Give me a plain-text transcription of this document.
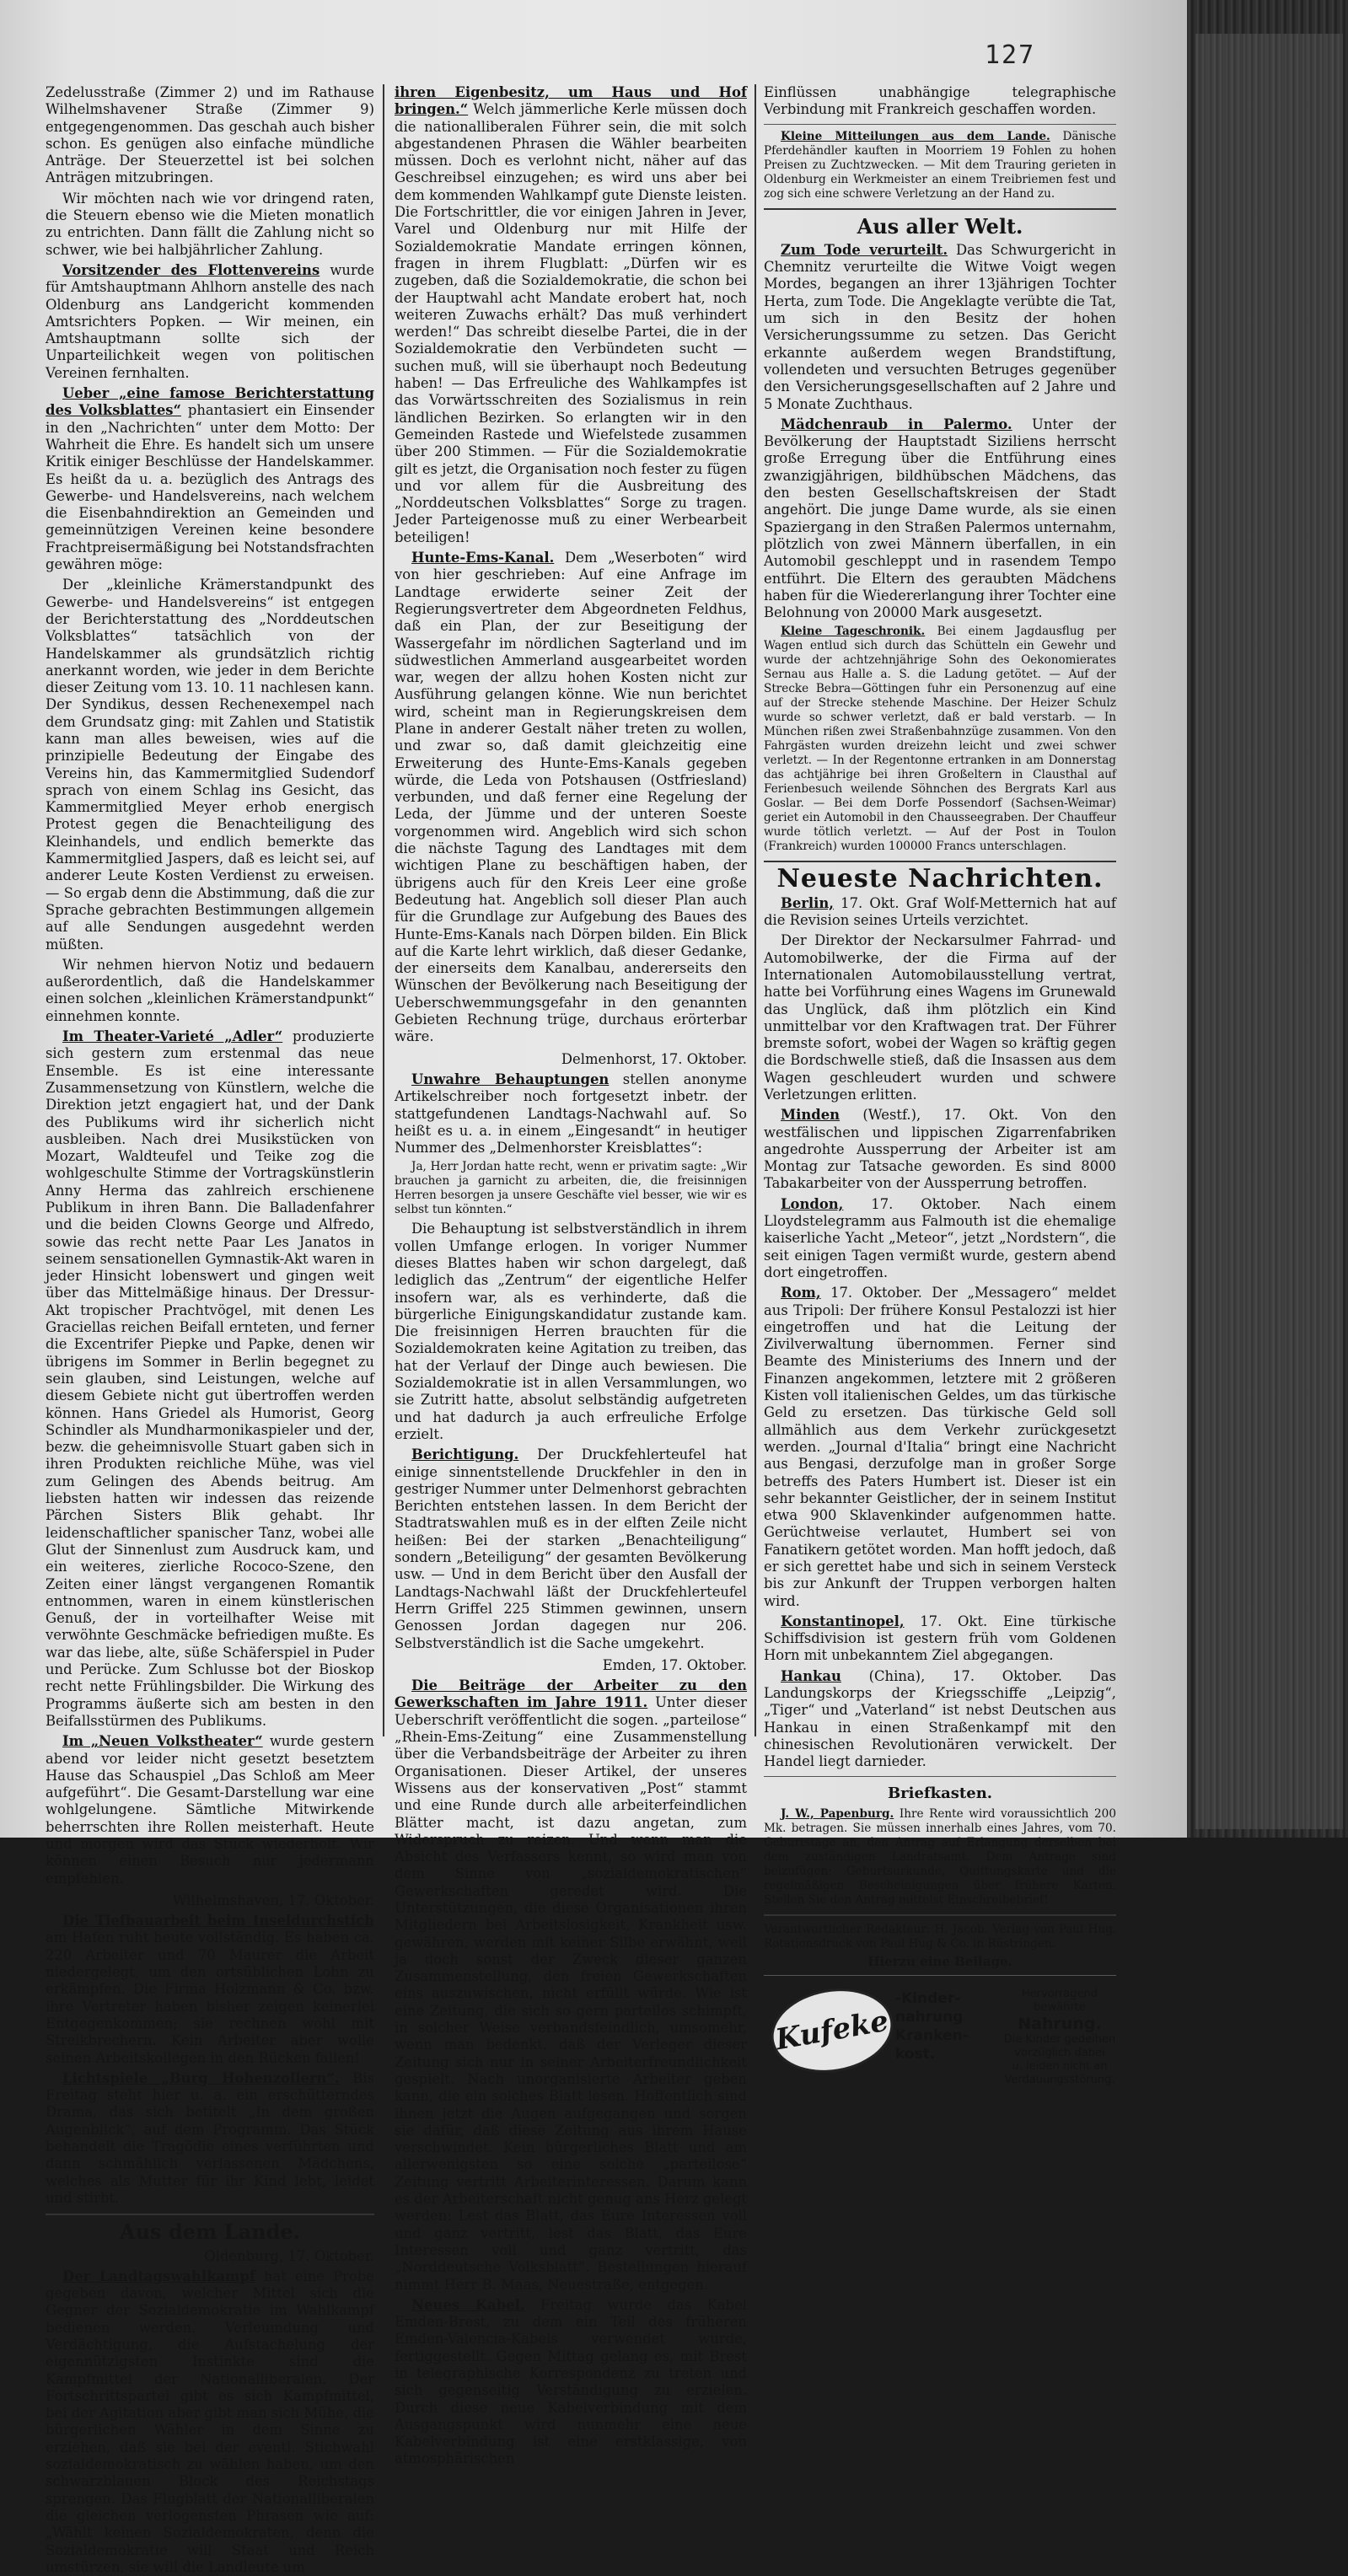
127

Zedelusstraße (Zimmer 2) und im Rathause Wilhelmshavener Straße (Zimmer 9) entgegengenommen. Das geschah auch bisher schon. Es genügen also einfache mündliche Anträge. Der Steuerzettel ist bei solchen Anträgen mitzubringen.

Wir möchten nach wie vor dringend raten, die Steuern ebenso wie die Mieten monatlich zu entrichten. Dann fällt die Zahlung nicht so schwer, wie bei halbjährlicher Zahlung.

Vorsitzender des Flottenvereins wurde für Amtshauptmann Ahlhorn anstelle des nach Oldenburg ans Landgericht kommenden Amtsrichters Popken. — Wir meinen, ein Amtshauptmann sollte sich der Unparteilichkeit wegen von politischen Vereinen fernhalten.

Ueber „eine famose Berichterstattung des Volksblattes“ phantasiert ein Einsender in den „Nachrichten“ unter dem Motto: Der Wahrheit die Ehre. Es handelt sich um unsere Kritik einiger Beschlüsse der Handelskammer. Es heißt da u. a. bezüglich des Antrags des Gewerbe- und Handelsvereins, nach welchem die Eisenbahndirektion an Gemeinden und gemeinnützigen Vereinen keine besondere Frachtpreisermäßigung bei Notstandsfrachten gewähren möge:

Der „kleinliche Krämerstandpunkt des Gewerbe- und Handelsvereins“ ist entgegen der Berichterstattung des „Norddeutschen Volksblattes“ tatsächlich von der Handelskammer als grundsätzlich richtig anerkannt worden, wie jeder in dem Berichte dieser Zeitung vom 13. 10. 11 nachlesen kann. Der Syndikus, dessen Rechenexempel nach dem Grundsatz ging: mit Zahlen und Statistik kann man alles beweisen, wies auf die prinzipielle Bedeutung der Eingabe des Vereins hin, das Kammermitglied Sudendorf sprach von einem Schlag ins Gesicht, das Kammermitglied Meyer erhob energisch Protest gegen die Benachteiligung des Kleinhandels, und endlich bemerkte das Kammermitglied Jaspers, daß es leicht sei, auf anderer Leute Kosten Verdienst zu erweisen. — So ergab denn die Abstimmung, daß die zur Sprache gebrachten Bestimmungen allgemein auf alle Sendungen ausgedehnt werden müßten.

Wir nehmen hiervon Notiz und bedauern außerordentlich, daß die Handelskammer einen solchen „kleinlichen Krämerstandpunkt“ einnehmen konnte.

Im Theater-Varieté „Adler“ produzierte sich gestern zum erstenmal das neue Ensemble. Es ist eine interessante Zusammensetzung von Künstlern, welche die Direktion jetzt engagiert hat, und der Dank des Publikums wird ihr sicherlich nicht ausbleiben. Nach drei Musikstücken von Mozart, Waldteufel und Teike zog die wohlgeschulte Stimme der Vortragskünstlerin Anny Herma das zahlreich erschienene Publikum in ihren Bann. Die Balladenfahrer und die beiden Clowns George und Alfredo, sowie das recht nette Paar Les Janatos in seinem sensationellen Gymnastik-Akt waren in jeder Hinsicht lobenswert und gingen weit über das Mittelmäßige hinaus. Der Dressur-Akt tropischer Prachtvögel, mit denen Les Graciellas reichen Beifall ernteten, und ferner die Excentrifer Piepke und Papke, denen wir übrigens im Sommer in Berlin begegnet zu sein glauben, sind Leistungen, welche auf diesem Gebiete nicht gut übertroffen werden können. Hans Griedel als Humorist, Georg Schindler als Mundharmonikaspieler und der, bezw. die geheimnisvolle Stuart gaben sich in ihren Produkten reichliche Mühe, was viel zum Gelingen des Abends beitrug. Am liebsten hatten wir indessen das reizende Pärchen Sisters Blik gehabt. Ihr leidenschaftlicher spanischer Tanz, wobei alle Glut der Sinnenlust zum Ausdruck kam, und ein weiteres, zierliche Rococo-Szene, den Zeiten einer längst vergangenen Romantik entnommen, waren in einem künstlerischen Genuß, der in vorteilhafter Weise mit verwöhnte Geschmäcke befriedigen mußte. Es war das liebe, alte, süße Schäferspiel in Puder und Perücke. Zum Schlusse bot der Bioskop recht nette Frühlingsbilder. Die Wirkung des Programms äußerte sich am besten in den Beifallsstürmen des Publikums.

Im „Neuen Volkstheater“ wurde gestern abend vor leider nicht gesetzt besetztem Hause das Schauspiel „Das Schloß am Meer aufgeführt“. Die Gesamt-Darstellung war eine wohlgelungene. Sämtliche Mitwirkende beherrschten ihre Rollen meisterhaft. Heute und morgen wird das Stück wiederholt. Wir können einen Besuch nur jedermann empfehlen.

Wilhelmshaven, 17. Oktober.

Die Tiefbauarbeit beim Inseldurchstich am Hafen ruht heute vollständig. Es haben ca. 220 Arbeiter und 70 Maurer die Arbeit niedergelegt, um den ortsüblichen Lohn zu erkämpfen. Die Firma Holzmann & Co. bzw. ihre Vertreter haben bisher zeigen keinerlei Entgegenkommen; sie rechnen wohl mit Streikbrechern. Kein Arbeiter aber wolle seinen Arbeitskollegen in den Rücken fallen!

Lichtspiele „Burg Hohenzollern“. Bis Freitag steht hier u. a. ein erschütterndes Drama, das sich betitelt „In dem großen Augenblick“, auf dem Programm. Das Stück behandelt die Tragödie eines verführten und dann schmählich verlassenen Mädchens, welches als Mutter für ihr Kind lebt, leidet und stirbt.

Aus dem Lande.
Oldenburg, 17. Oktober.

Der Landtagswahlkampf hat eine Probe gegeben davon, welcher Mittel sich die Gegner der Sozialdemokratie im Wahlkampf bedienen werden. Verleumdung und Verdächtigung, die Aufstachelung der eigennützigsten Instinkte sind die Kampfmittel der Nationalliberalen. Der Fortschrittspartei gibt es sich Kampfmittel, bei der Agitation aber gibt man sich Mühe, die bürgerlichen Wähler in dem Sinne zu erziehen, daß sie bei der eventl. Stichwahl sozialdemokratisch zu wählen haben, um den schwarzblauen Block des Reichstags sprengen. Das Flugblatt der Nationalliberalen die gleichen verlogensten Phrasen wie auf: „Wählt keinen Sozialdemokraten, denn die Sozialdemokratie will Staat und Reich umstürzen, sie will die Landleute um

ihren Eigenbesitz, um Haus und Hof bringen.“ Welch jämmerliche Kerle müssen doch die nationalliberalen Führer sein, die mit solch abgestandenen Phrasen die Wähler bearbeiten müssen. Doch es verlohnt nicht, näher auf das Geschreibsel einzugehen; es wird uns aber bei dem kommenden Wahlkampf gute Dienste leisten. Die Fortschrittler, die vor einigen Jahren in Jever, Varel und Oldenburg nur mit Hilfe der Sozialdemokratie Mandate erringen können, fragen in ihrem Flugblatt: „Dürfen wir es zugeben, daß die Sozialdemokratie, die schon bei der Hauptwahl acht Mandate erobert hat, noch weiteren Zuwachs erhält? Das muß verhindert werden!“ Das schreibt dieselbe Partei, die in der Sozialdemokratie den Verbündeten sucht — suchen muß, will sie überhaupt noch Bedeutung haben! — Das Erfreuliche des Wahlkampfes ist das Vorwärtsschreiten des Sozialismus in rein ländlichen Bezirken. So erlangten wir in den Gemeinden Rastede und Wiefelstede zusammen über 200 Stimmen. — Für die Sozialdemokratie gilt es jetzt, die Organisation noch fester zu fügen und vor allem für die Ausbreitung des „Norddeutschen Volksblattes“ Sorge zu tragen. Jeder Parteigenosse muß zu einer Werbearbeit beteiligen!

Hunte-Ems-Kanal. Dem „Weserboten“ wird von hier geschrieben: Auf eine Anfrage im Landtage erwiderte seiner Zeit der Regierungsvertreter dem Abgeordneten Feldhus, daß ein Plan, der zur Beseitigung der Wassergefahr im nördlichen Sagterland und im südwestlichen Ammerland ausgearbeitet worden war, wegen der allzu hohen Kosten nicht zur Ausführung gelangen könne. Wie nun berichtet wird, scheint man in Regierungskreisen dem Plane in anderer Gestalt näher treten zu wollen, und zwar so, daß damit gleichzeitig eine Erweiterung des Hunte-Ems-Kanals gegeben würde, die Leda von Potshausen (Ostfriesland) verbunden, und daß ferner eine Regelung der Leda, der Jümme und der unteren Soeste vorgenommen wird. Angeblich wird sich schon die nächste Tagung des Landtages mit dem wichtigen Plane zu beschäftigen haben, der übrigens auch für den Kreis Leer eine große Bedeutung hat. Angeblich soll dieser Plan auch für die Grundlage zur Aufgebung des Baues des Hunte-Ems-Kanals nach Dörpen bilden. Ein Blick auf die Karte lehrt wirklich, daß dieser Gedanke, der einerseits dem Kanalbau, andererseits den Wünschen der Bevölkerung nach Beseitigung der Ueberschwemmungsgefahr in den genannten Gebieten Rechnung trüge, durchaus erörterbar wäre.

Delmenhorst, 17. Oktober.

Unwahre Behauptungen stellen anonyme Artikelschreiber noch fortgesetzt inbetr. der stattgefundenen Landtags-Nachwahl auf. So heißt es u. a. in einem „Eingesandt“ in heutiger Nummer des „Delmenhorster Kreisblattes“:

Ja, Herr Jordan hatte recht, wenn er privatim sagte: „Wir brauchen ja garnicht zu arbeiten, die, die freisinnigen Herren besorgen ja unsere Geschäfte viel besser, wie wir es selbst tun könnten.“

Die Behauptung ist selbstverständlich in ihrem vollen Umfange erlogen. In voriger Nummer dieses Blattes haben wir schon dargelegt, daß lediglich das „Zentrum“ der eigentliche Helfer insofern war, als es verhinderte, daß die bürgerliche Einigungskandidatur zustande kam. Die freisinnigen Herren brauchten für die Sozialdemokraten keine Agitation zu treiben, das hat der Verlauf der Dinge auch bewiesen. Die Sozialdemokratie ist in allen Versammlungen, wo sie Zutritt hatte, absolut selbständig aufgetreten und hat dadurch ja auch erfreuliche Erfolge erzielt.

Berichtigung. Der Druckfehlerteufel hat einige sinnentstellende Druckfehler in den in gestriger Nummer unter Delmenhorst gebrachten Berichten entstehen lassen. In dem Bericht der Stadtratswahlen muß es in der elften Zeile nicht heißen: Bei der starken „Benachteiligung“ sondern „Beteiligung“ der gesamten Bevölkerung usw. — Und in dem Bericht über den Ausfall der Landtags-Nachwahl läßt der Druckfehlerteufel Herrn Griffel 225 Stimmen gewinnen, unsern Genossen Jordan dagegen nur 206. Selbstverständlich ist die Sache umgekehrt.

Emden, 17. Oktober.

Die Beiträge der Arbeiter zu den Gewerkschaften im Jahre 1911. Unter dieser Ueberschrift veröffentlicht die sogen. „parteilose“ „Rhein-Ems-Zeitung“ eine Zusammenstellung über die Verbandsbeiträge der Arbeiter zu ihren Organisationen. Dieser Artikel, der unseres Wissens aus der konservativen „Post“ stammt und eine Runde durch alle arbeiterfeindlichen Blätter macht, ist dazu angetan, zum Widerspruch zu reizen. Und wenn man die Absicht des Verfassers kennt, so wird man von dem Sinne von „sozialdemokratischen“ Gewerkschaften geredet wird. Die Unterstützungen, die diese Organisationen ihren Mitgliedern bei Arbeitslosigkeit, Krankheit usw. gewähren, werden mit keiner Silbe erwähnt, weil ja doch sonst der Zweck dieser ganzen Zusammenstellung, den freien Gewerkschaften eins auszuwischen, nicht erfüllt würde. Wie ist eine Zeitung, die sich so gern parteilos schimpft, in solcher Weise verbandsfeindlich, umsomehr, wenn man bedenkt, daß der Verleger dieser Zeitung sich nur in seiner Arbeiterfreundlichkeit gespielt. Nach unorganisierte Arbeiter geben kann, die ein solches Blatt lesen. Hoffentlich sind ihnen jetzt die Augen aufgegangen und sorgen sie dafür, daß diese Zeitung aus ihrem Hause verschwindet. Kein bürgerliches Blatt und am allerwenigsten so eine solche „parteilose“ Zeitung vertritt Arbeiterinteressen. Darum kann es der Arbeiterschaft nicht genug ans Herz gelegt werden: Lest das Blatt, das Eure Interessen voll und ganz vertritt, lest das Blatt, das Eure Interessen voll und ganz vertritt, das „Norddeutsche Volksblatt“. Bestellungen hierauf nimmt Herr B. Maas, Neuestraße, entgegen.

Neues Kabel. Freitag wurde das Kabel Emden-Brest, zu dem ein Teil des früheren Emden-Valencia-Kabels verwendet wurde, fertiggestellt. Gegen Mittag gelang es, mit Brest in telegraphische Korrespondenz zu treten und sich gegenseitig Verständigung zu erzielen. Durch diese neue Kabelverbindung mit dem Ausgangspunkt wird nunmehr eine neue Kabelverbindung ist eine erstklassige, von atmosphärischen

Einflüssen unabhängige telegraphische Verbindung mit Frankreich geschaffen worden.

Kleine Mitteilungen aus dem Lande. Dänische Pferdehändler kauften in Moorriem 19 Fohlen zu hohen Preisen zu Zuchtzwecken. — Mit dem Trauring gerieten in Oldenburg ein Werkmeister an einem Treibriemen fest und zog sich eine schwere Verletzung an der Hand zu.

Aus aller Welt.

Zum Tode verurteilt. Das Schwurgericht in Chemnitz verurteilte die Witwe Voigt wegen Mordes, begangen an ihrer 13jährigen Tochter Herta, zum Tode. Die Angeklagte verübte die Tat, um sich in den Besitz der hohen Versicherungssumme zu setzen. Das Gericht erkannte außerdem wegen Brandstiftung, vollendeten und versuchten Betruges gegenüber den Versicherungsgesellschaften auf 2 Jahre und 5 Monate Zuchthaus.

Mädchenraub in Palermo. Unter der Bevölkerung der Hauptstadt Siziliens herrscht große Erregung über die Entführung eines zwanzigjährigen, bildhübschen Mädchens, das den besten Gesellschaftskreisen der Stadt angehört. Die junge Dame wurde, als sie einen Spaziergang in den Straßen Palermos unternahm, plötzlich von zwei Männern überfallen, in ein Automobil geschleppt und in rasendem Tempo entführt. Die Eltern des geraubten Mädchens haben für die Wiedererlangung ihrer Tochter eine Belohnung von 20000 Mark ausgesetzt.

Kleine Tageschronik. Bei einem Jagdausflug per Wagen entlud sich durch das Schütteln ein Gewehr und wurde der achtzehnjährige Sohn des Oekonomierates Sernau aus Halle a. S. die Ladung getötet. — Auf der Strecke Bebra—Göttingen fuhr ein Personenzug auf eine auf der Strecke stehende Maschine. Der Heizer Schulz wurde so schwer verletzt, daß er bald verstarb. — In München rißen zwei Straßenbahnzüge zusammen. Von den Fahrgästen wurden dreizehn leicht und zwei schwer verletzt. — In der Regentonne ertranken in am Donnerstag das achtjährige bei ihren Großeltern in Clausthal auf Ferienbesuch weilende Söhnchen des Bergrats Karl aus Goslar. — Bei dem Dorfe Possendorf (Sachsen-Weimar) geriet ein Automobil in den Chausseegraben. Der Chauffeur wurde tötlich verletzt. — Auf der Post in Toulon (Frankreich) wurden 100000 Francs unterschlagen.

Neueste Nachrichten.

Berlin, 17. Okt. Graf Wolf-Metternich hat auf die Revision seines Urteils verzichtet.

Der Direktor der Neckarsulmer Fahrrad- und Automobilwerke, der die Firma auf der Internationalen Automobilausstellung vertrat, hatte bei Vorführung eines Wagens im Grunewald das Unglück, daß ihm plötzlich ein Kind unmittelbar vor den Kraftwagen trat. Der Führer bremste sofort, wobei der Wagen so kräftig gegen die Bordschwelle stieß, daß die Insassen aus dem Wagen geschleudert wurden und schwere Verletzungen erlitten.

Minden (Westf.), 17. Okt. Von den westfälischen und lippischen Zigarrenfabriken angedrohte Aussperrung der Arbeiter ist am Montag zur Tatsache geworden. Es sind 8000 Tabakarbeiter von der Aussperrung betroffen.

London, 17. Oktober. Nach einem Lloydstelegramm aus Falmouth ist die ehemalige kaiserliche Yacht „Meteor“, jetzt „Nordstern“, die seit einigen Tagen vermißt wurde, gestern abend dort eingetroffen.

Rom, 17. Oktober. Der „Messagero“ meldet aus Tripoli: Der frühere Konsul Pestalozzi ist hier eingetroffen und hat die Leitung der Zivilverwaltung übernommen. Ferner sind Beamte des Ministeriums des Innern und der Finanzen angekommen, letztere mit 2 größeren Kisten voll italienischen Geldes, um das türkische Geld zu ersetzen. Das türkische Geld soll allmählich aus dem Verkehr zurückgesetzt werden. „Journal d'Italia“ bringt eine Nachricht aus Bengasi, derzufolge man in großer Sorge betreffs des Paters Humbert ist. Dieser ist ein sehr bekannter Geistlicher, der in seinem Institut etwa 900 Sklavenkinder aufgenommen hatte. Gerüchtweise verlautet, Humbert sei von Fanatikern getötet worden. Man hofft jedoch, daß er sich gerettet habe und sich in seinem Versteck bis zur Ankunft der Truppen verborgen halten wird.

Konstantinopel, 17. Okt. Eine türkische Schiffsdivision ist gestern früh vom Goldenen Horn mit unbekanntem Ziel abgegangen.

Hankau (China), 17. Oktober. Das Landungskorps der Kriegsschiffe „Leipzig“, „Tiger“ und „Vaterland“ ist nebst Deutschen aus Hankau in einen Straßenkampf mit den chinesischen Revolutionären verwickelt. Der Handel liegt darnieder.

Briefkasten.

J. W., Papenburg. Ihre Rente wird voraussichtlich 200 Mk. betragen. Sie müssen innerhalb eines Jahres, vom 70. Geburtstage an, den Antrag auf Erlangung derselben bei dem zuständigen Landratsamt. Dem Antrage sind beizufügen: Geburtsurkunde, Quittungskarte und die regelmäßigen Bescheinigungen über frühere Karten. Stellen Sie den Antrag mittelst Einschreibebrief!

Verantwortlicher Redakteur: H. Jacob. Verlag von Paul Hug. Rotationsdruck von Paul Hug & Co. in Rüstringen.
Hierzu eine Beilage.
Kufeke
-Kinder-
nahrung
Kranken-
kost.
Hervorragend bewährte
Nahrung.
Die Kinder gedeihen
vorzüglich dabei
u. leiden nicht an
Verdauungsstörung.
